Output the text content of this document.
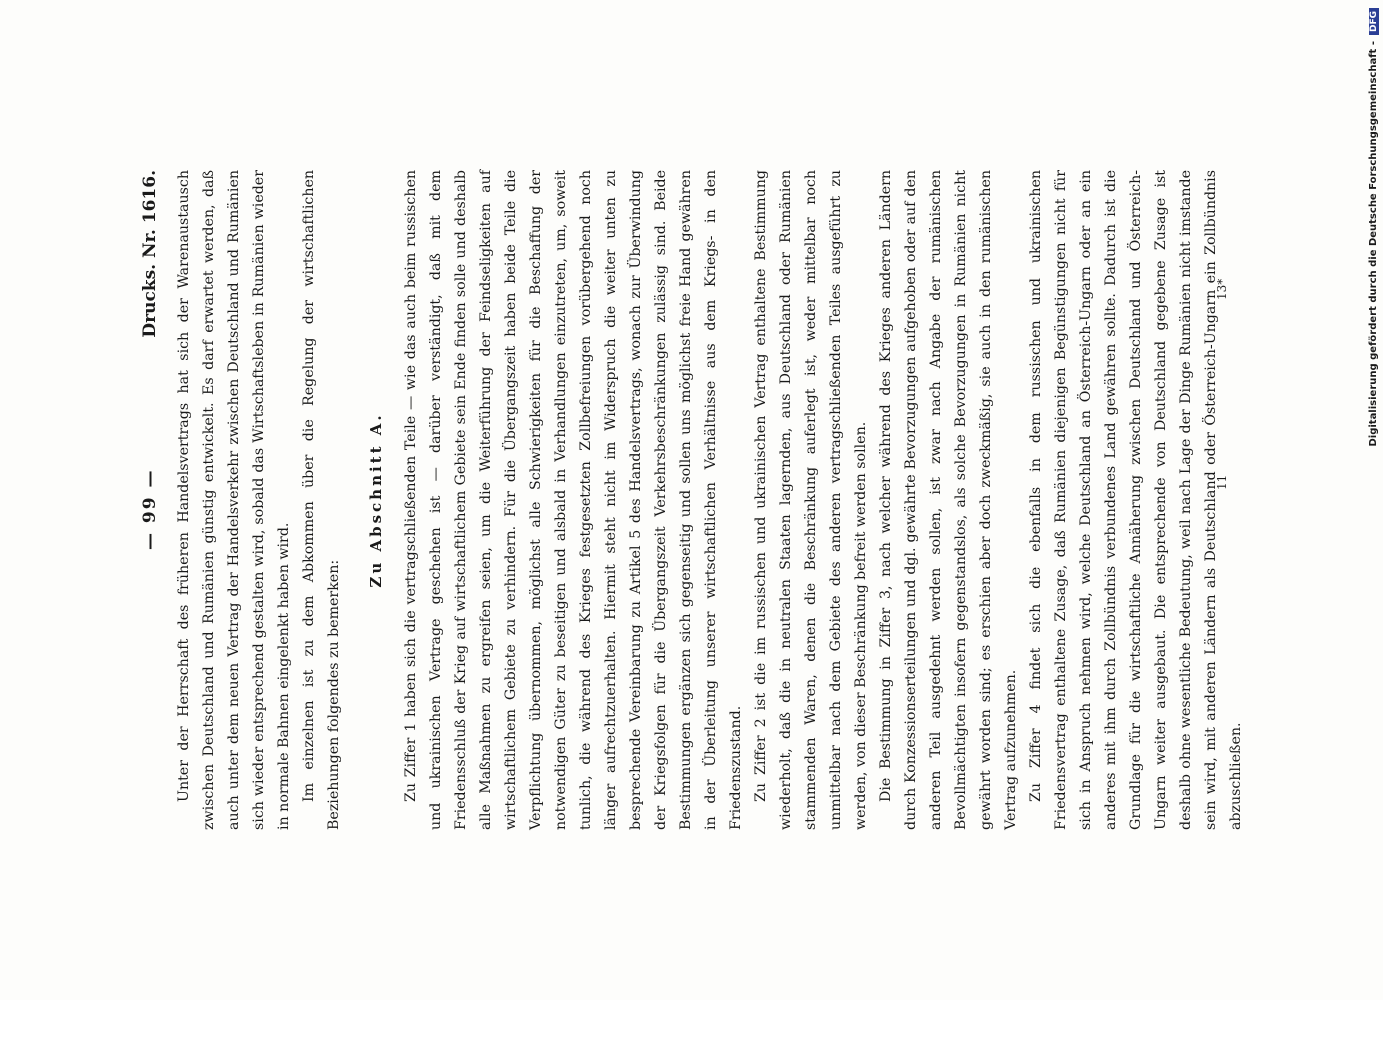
— 99 —
Drucks. Nr. 1616. Unter der Herrschaft des früheren Handelsvertrags hat sich der Warenaustausch zwischen Deutschland und Rumänien günstig entwickelt. Es darf erwartet werden, daß auch unter dem neuen Vertrag der Handelsverkehr zwischen Deutschland und Rumänien sich wieder entsprechend gestalten wird, sobald das Wirtschaftsleben in Rumänien wieder in normale Bahnen eingelenkt haben wird. Im einzelnen ist zu dem Abkommen über die Regelung der wirtschaftlichen Beziehungen folgendes zu bemerken:

Zu Abschnitt A. Zu Ziffer 1 haben sich die vertragschließenden Teile — wie das auch beim russischen und ukrainischen Vertrage geschehen ist — darüber verständigt, daß mit dem Friedensschluß der Krieg auf wirtschaftlichem Gebiete sein Ende finden solle und deshalb alle Maßnahmen zu ergreifen seien, um die Weiterführung der Feindseligkeiten auf wirtschaftlichem Gebiete zu verhindern. Für die Übergangszeit haben beide Teile die Verpflichtung übernommen, möglichst alle Schwierigkeiten für die Beschaffung der notwendigen Güter zu beseitigen und alsbald in Verhandlungen einzutreten, um, soweit tunlich, die während des Krieges festgesetzten Zollbefreiungen vorübergehend noch länger aufrechtzuerhalten. Hiermit steht nicht im Widerspruch die weiter unten zu besprechende Vereinbarung zu Artikel 5 des Handelsvertrags, wonach zur Überwindung der Kriegsfolgen für die Übergangszeit Verkehrsbeschränkungen zulässig sind. Beide Bestimmungen ergänzen sich gegenseitig und sollen uns möglichst freie Hand gewähren in der Überleitung unserer wirtschaftlichen Verhältnisse aus dem Kriegs- in den Friedenszustand. Zu Ziffer 2 ist die im russischen und ukrainischen Vertrag enthaltene Bestimmung wiederholt, daß die in neutralen Staaten lagernden, aus Deutschland oder Rumänien stammenden Waren, denen die Beschränkung auferlegt ist, weder mittelbar noch unmittelbar nach dem Gebiete des anderen vertragschließenden Teiles ausgeführt zu werden, von dieser Beschränkung befreit werden sollen. Die Bestimmung in Ziffer 3, nach welcher während des Krieges anderen Ländern durch Konzessionserteilungen und dgl. gewährte Bevorzugungen aufgehoben oder auf den anderen Teil ausgedehnt werden sollen, ist zwar nach Angabe der rumänischen Bevollmächtigten insofern gegenstandslos, als solche Bevorzugungen in Rumänien nicht gewährt worden sind; es erschien aber doch zweckmäßig, sie auch in den rumänischen Vertrag aufzunehmen. Zu Ziffer 4 findet sich die ebenfalls in dem russischen und ukrainischen Friedensvertrag enthaltene Zusage, daß Rumänien diejenigen Begünstigungen nicht für sich in Anspruch nehmen wird, welche Deutschland an Österreich-Ungarn oder an ein anderes mit ihm durch Zollbündnis verbundenes Land gewähren sollte. Dadurch ist die Grundlage für die wirtschaftliche Annäherung zwischen Deutschland und Österreich-Ungarn weiter ausgebaut. Die entsprechende von Deutschland gegebene Zusage ist deshalb ohne wesentliche Bedeutung, weil nach Lage der Dinge Rumänien nicht imstande sein wird, mit anderen Ländern als Deutschland oder Österreich-Ungarn ein Zollbündnis abzuschließen.

11
13*	Digitalisierung gefördert durch die Deutsche Forschungsgemeinschaft -DFG
